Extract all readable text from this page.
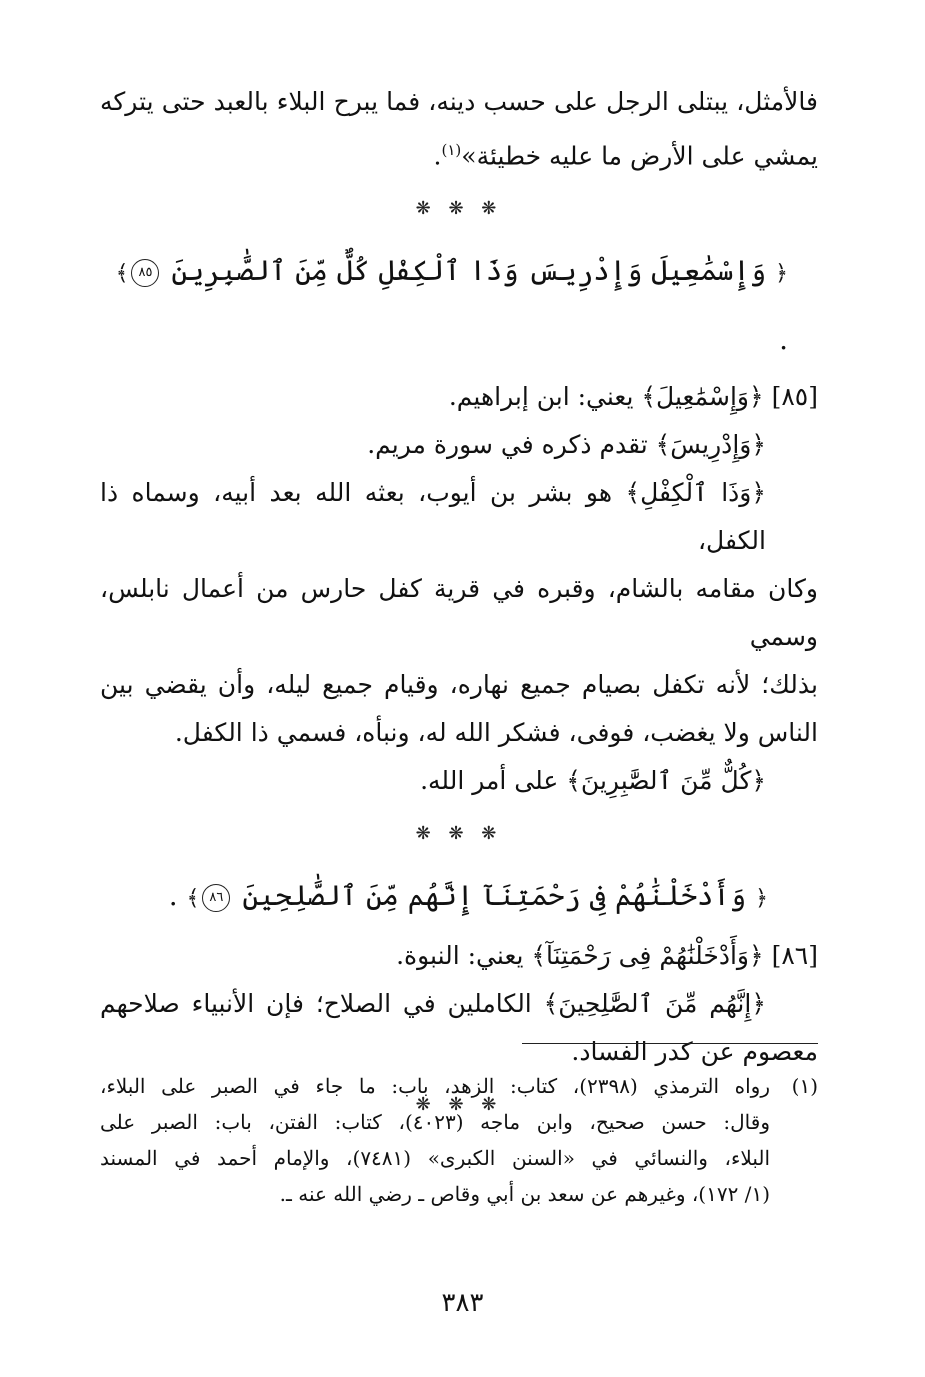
فالأمثل، يبتلى الرجل على حسب دينه، فما يبرح البلاء بالعبد حتى يتركه

يمشي على الأرض ما عليه خطيئة»$^{(١)}$.

❋ ❋ ❋

﴿ وَإِسْمَٰعِيلَ وَإِدْرِيسَ وَذَا ٱلْكِفْلِ كُلٌّ مِّنَ ٱلصَّٰبِرِينَ ٨٥﴾ .

[٨٥] ﴿وَإِسْمَٰعِيلَ﴾ يعني: ابن إبراهيم.

﴿وَإِدْرِيسَ﴾ تقدم ذكره في سورة مريم.

﴿وَذَا ٱلْكِفْلِ﴾ هو بشر بن أيوب، بعثه الله بعد أبيه، وسماه ذا الكفل،

وكان مقامه بالشام، وقبره في قرية كفل حارس من أعمال نابلس، وسمي

بذلك؛ لأنه تكفل بصيام جميع نهاره، وقيام جميع ليله، وأن يقضي بين

الناس ولا يغضب، فوفى، فشكر الله له، ونبأه، فسمي ذا الكفل.

﴿كُلٌّ مِّنَ ٱلصَّٰبِرِينَ﴾ على أمر الله.

❋ ❋ ❋

﴿ وَأَدْخَلْنَٰهُمْ فِى رَحْمَتِنَآ إِنَّهُم مِّنَ ٱلصَّٰلِحِينَ ٨٦﴾ .

[٨٦] ﴿وَأَدْخَلْنَٰهُمْ فِى رَحْمَتِنَآ﴾ يعني: النبوة.

﴿إِنَّهُم مِّنَ ٱلصَّٰلِحِينَ﴾ الكاملين في الصلاح؛ فإن الأنبياء صلاحهم

معصوم عن كدر الفساد.

❋ ❋ ❋

(١)
رواه الترمذي (٢٣٩٨)، كتاب: الزهد، باب: ما جاء في الصبر على البلاء،
وقال: حسن صحيح، وابن ماجه (٤٠٢٣)، كتاب: الفتن، باب: الصبر على
البلاء، والنسائي في «السنن الكبرى» (٧٤٨١)، والإمام أحمد في المسند
(١/ ١٧٢)، وغيرهم عن سعد بن أبي وقاص ـ رضي الله عنه ـ.
٣٨٣
